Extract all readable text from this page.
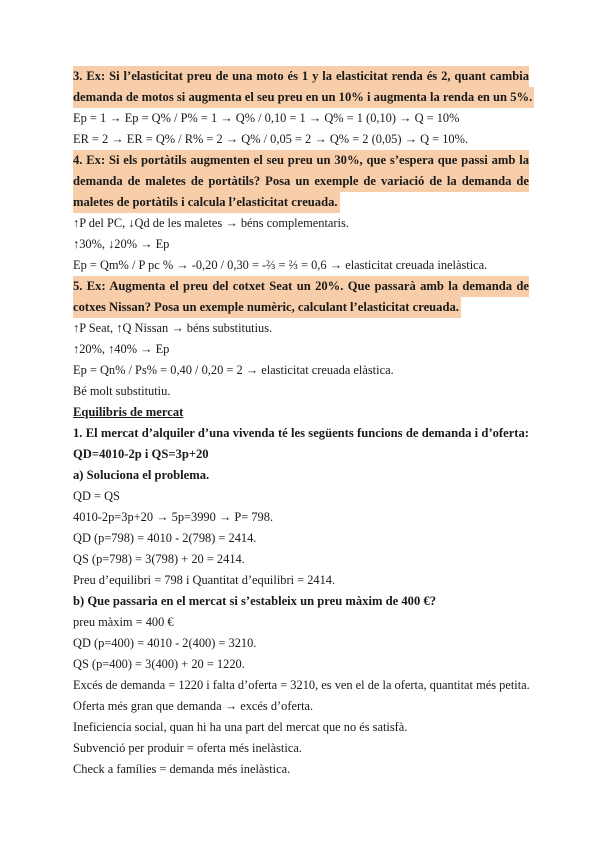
3. Ex: Si l’elasticitat preu de una moto és 1 y la elasticitat renda és 2, quant cambia
demanda de motos si augmenta el seu preu en un 10% i augmenta la renda en un 5%.
Ep = 1 → Ep = Q% / P% = 1 → Q% / 0,10 = 1 → Q% = 1 (0,10) → Q = 10%
ER = 2 → ER = Q% / R% = 2 → Q% / 0,05 = 2 → Q% = 2 (0,05) → Q = 10%.
4. Ex: Si els portàtils augmenten el seu preu un 30%, que s’espera que passi amb la
demanda de maletes de portàtils? Posa un exemple de variació de la demanda de
maletes de portàtils i calcula l’elasticitat creuada.
↑P del PC, ↓Qd de les maletes → béns complementaris.
↑30%, ↓20% → Ep
Ep = Qm% / P pc % → -0,20 / 0,30 = -⅔ = ⅔ = 0,6 → elasticitat creuada inelàstica.
5. Ex: Augmenta el preu del cotxet Seat un 20%. Que passarà amb la demanda de
cotxes Nissan? Posa un exemple numèric, calculant l’elasticitat creuada.
↑P Seat, ↑Q Nissan → béns substitutius.
↑20%, ↑40% → Ep
Ep = Qn% / Ps% = 0,40 / 0,20 = 2 → elasticitat creuada elàstica.
Bé molt substitutiu.
Equilibris de mercat
1. El mercat d’alquiler d’una vivenda té les següents funcions de demanda i d’oferta:
QD=4010-2p i QS=3p+20
a) Soluciona el problema.
QD = QS
4010-2p=3p+20 → 5p=3990 → P= 798.
QD (p=798) = 4010 - 2(798) = 2414.
QS (p=798) = 3(798) + 20 = 2414.
Preu d’equilibri = 798 i Quantitat d’equilibri = 2414.
b) Que passaria en el mercat si s’estableix un preu màxim de 400 €?
preu màxim = 400 €
QD (p=400) = 4010 - 2(400) = 3210.
QS (p=400) = 3(400) + 20 = 1220.
Excés de demanda = 1220 i falta d’oferta = 3210, es ven el de la oferta, quantitat més petita.
Oferta més gran que demanda → excés d’oferta.
Ineficiencia social, quan hi ha una part del mercat que no és satisfà.
Subvenció per produir = oferta més inelàstica.
Check a famílies = demanda més inelàstica.
